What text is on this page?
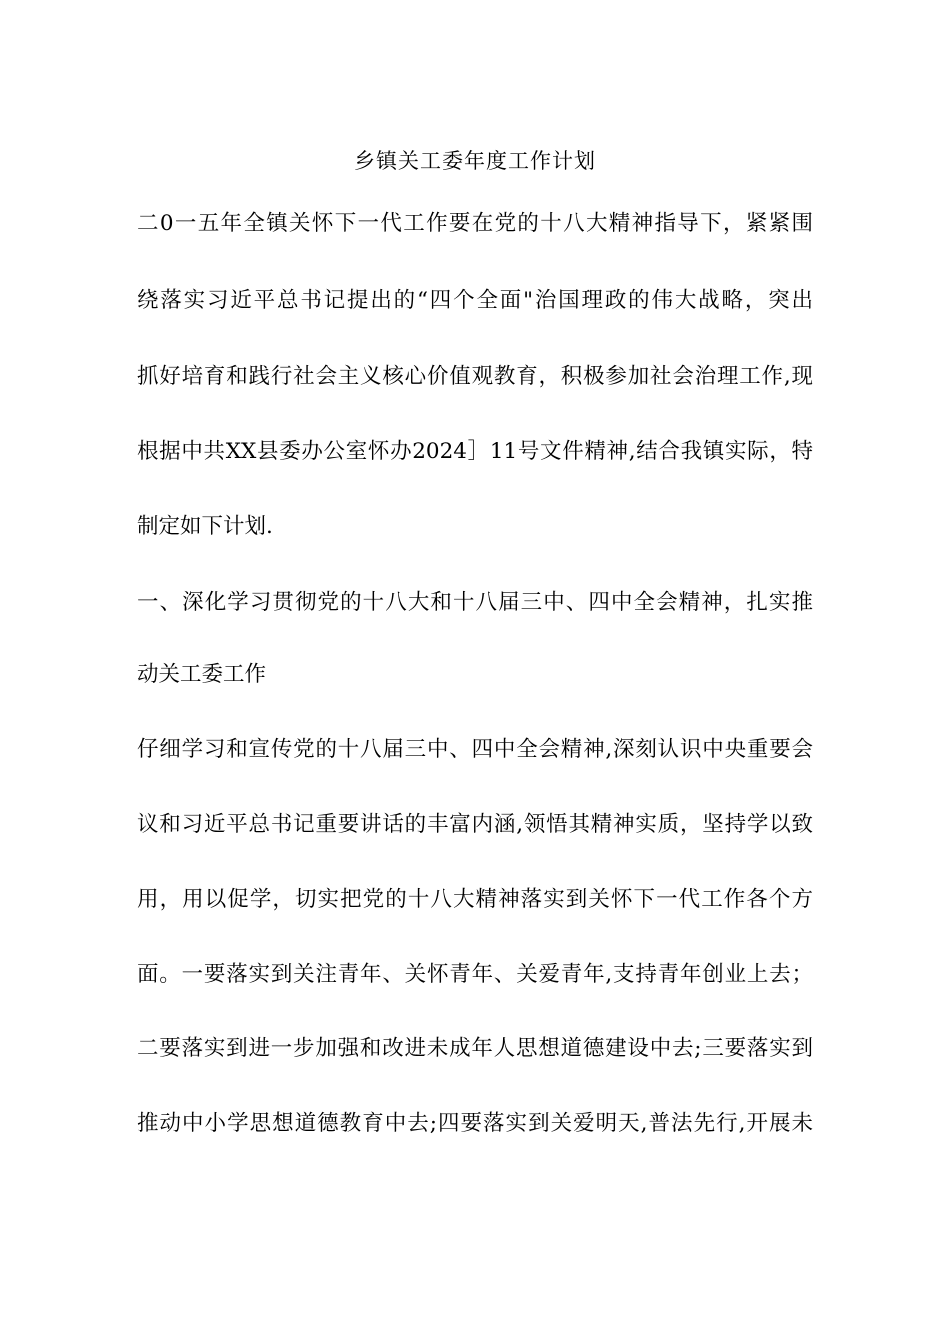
乡镇关工委年度工作计划
二0一五年全镇关怀下一代工作要在党的十八大精神指导下，紧紧围
绕落实习近平总书记提出的“四个全面"治国理政的伟大战略，突出
抓好培育和践行社会主义核心价值观教育，积极参加社会治理工作,现
根据中共XX县委办公室怀办2024］11号文件精神,结合我镇实际，特
制定如下计划.
一、深化学习贯彻党的十八大和十八届三中、四中全会精神，扎实推
动关工委工作
仔细学习和宣传党的十八届三中、四中全会精神,深刻认识中央重要会
议和习近平总书记重要讲话的丰富内涵,领悟其精神实质，坚持学以致
用，用以促学，切实把党的十八大精神落实到关怀下一代工作各个方
面。一要落实到关注青年、关怀青年、关爱青年,支持青年创业上去；
二要落实到进一步加强和改进未成年人思想道德建设中去;三要落实到
推动中小学思想道德教育中去;四要落实到关爱明天,普法先行,开展未
